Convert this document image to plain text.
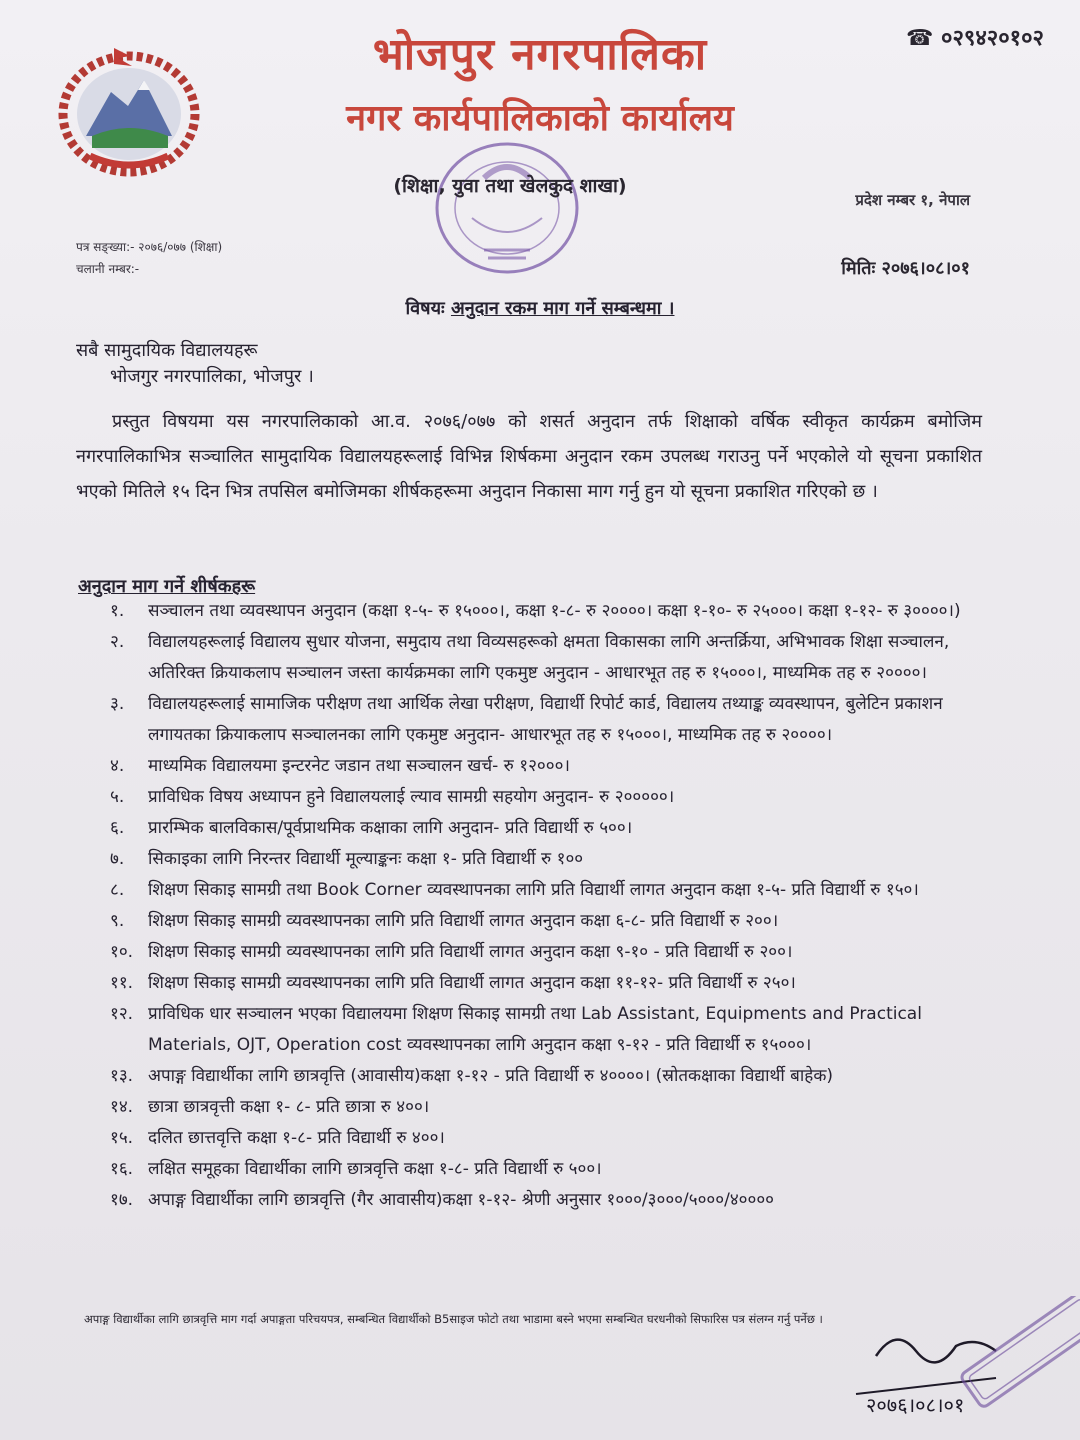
भोजपुर नगरपालिका
नगर कार्यपालिकाको कार्यालय
☎ ०२९४२०१०२
(शिक्षा, युवा तथा खेलकुद शाखा)
प्रदेश नम्बर १, नेपाल
पत्र सङ्ख्या:- २०७६/०७७ (शिक्षा)
चलानी नम्बर:-	मितिः २०७६।०८।०१
विषयः अनुदान रकम माग गर्ने सम्बन्धमा ।
सबै सामुदायिक विद्यालयहरू
भोजगुर नगरपालिका, भोजपुर ।

प्रस्तुत विषयमा यस नगरपालिकाको आ.व. २०७६/०७७ को शसर्त अनुदान तर्फ शिक्षाको वर्षिक स्वीकृत कार्यक्रम बमोजिम नगरपालिकाभित्र सञ्चालित सामुदायिक विद्यालयहरूलाई विभिन्न शिर्षकमा अनुदान रकम उपलब्ध गराउनु पर्ने भएकोले यो सूचना प्रकाशित भएको मितिले १५ दिन भित्र तपसिल बमोजिमका शीर्षकहरूमा अनुदान निकासा माग गर्नु हुन यो सूचना प्रकाशित गरिएको छ ।

अनुदान माग गर्ने शीर्षकहरू
१.	सञ्चालन तथा व्यवस्थापन अनुदान (कक्षा १-५- रु १५०००।, कक्षा १-८- रु २००००। कक्षा १-१०- रु २५०००। कक्षा १-१२- रु ३००००।)
२.	विद्यालयहरूलाई विद्यालय सुधार योजना, समुदाय तथा विव्यसहरूको क्षमता विकासका लागि अन्तर्क्रिया, अभिभावक शिक्षा सञ्चालन, अतिरिक्त क्रियाकलाप सञ्चालन जस्ता कार्यक्रमका लागि एकमुष्ट अनुदान - आधारभूत तह रु १५०००।, माध्यमिक तह रु २००००।
३.	विद्यालयहरूलाई सामाजिक परीक्षण तथा आर्थिक लेखा परीक्षण, विद्यार्थी रिपोर्ट कार्ड, विद्यालय तथ्याङ्क व्यवस्थापन, बुलेटिन प्रकाशन लगायतका क्रियाकलाप सञ्चालनका लागि एकमुष्ट अनुदान- आधारभूत तह रु १५०००।, माध्यमिक तह रु २००००।
४.	माध्यमिक विद्यालयमा इन्टरनेट जडान तथा सञ्चालन खर्च- रु १२०००।
५.	प्राविधिक विषय अध्यापन हुने विद्यालयलाई ल्याव सामग्री सहयोग अनुदान- रु २०००००।
६.	प्रारम्भिक बालविकास/पूर्वप्राथमिक कक्षाका लागि अनुदान- प्रति विद्यार्थी रु ५००।
७.	सिकाइका लागि निरन्तर विद्यार्थी मूल्याङ्कनः कक्षा १- प्रति विद्यार्थी रु १००
८.	शिक्षण सिकाइ सामग्री तथा Book Corner व्यवस्थापनका लागि प्रति विद्यार्थी लागत अनुदान कक्षा १-५- प्रति विद्यार्थी रु १५०।
९.	शिक्षण सिकाइ सामग्री व्यवस्थापनका लागि प्रति विद्यार्थी लागत अनुदान कक्षा ६-८- प्रति विद्यार्थी रु २००।
१०. शिक्षण सिकाइ सामग्री व्यवस्थापनका लागि प्रति विद्यार्थी लागत अनुदान कक्षा ९-१० - प्रति विद्यार्थी रु २००।
११. शिक्षण सिकाइ सामग्री व्यवस्थापनका लागि प्रति विद्यार्थी लागत अनुदान कक्षा ११-१२- प्रति विद्यार्थी रु २५०।
१२. प्राविधिक धार सञ्चालन भएका विद्यालयमा शिक्षण सिकाइ सामग्री तथा Lab Assistant, Equipments and Practical Materials, OJT, Operation cost व्यवस्थापनका लागि अनुदान कक्षा ९-१२ - प्रति विद्यार्थी रु १५०००।
१३. अपाङ्ग विद्यार्थीका लागि छात्रवृत्ति (आवासीय)कक्षा १-१२ - प्रति विद्यार्थी रु ४००००। (स्रोतकक्षाका विद्यार्थी बाहेक)
१४. छात्रा छात्रवृत्ती कक्षा १- ८- प्रति छात्रा रु ४००।
१५. दलित छात्तवृत्ति कक्षा १-८- प्रति विद्यार्थी रु ४००।
१६. लक्षित समूहका विद्यार्थीका लागि छात्रवृत्ति कक्षा १-८- प्रति विद्यार्थी रु ५००।
१७. अपाङ्ग विद्यार्थीका लागि छात्रवृत्ति (गैर आवासीय)कक्षा १-१२- श्रेणी अनुसार १०००/३०००/५०००/४००००
अपाङ्ग विद्यार्थीका लागि छात्रवृत्ति माग गर्दा अपाङ्गता परिचयपत्र, सम्बन्धित विद्यार्थीको B5साइज फोटो तथा भाडामा बस्ने भएमा सम्बन्धित घरधनीको सिफारिस पत्र संलग्न गर्नु पर्नेछ ।
२०७६।०८।०१
